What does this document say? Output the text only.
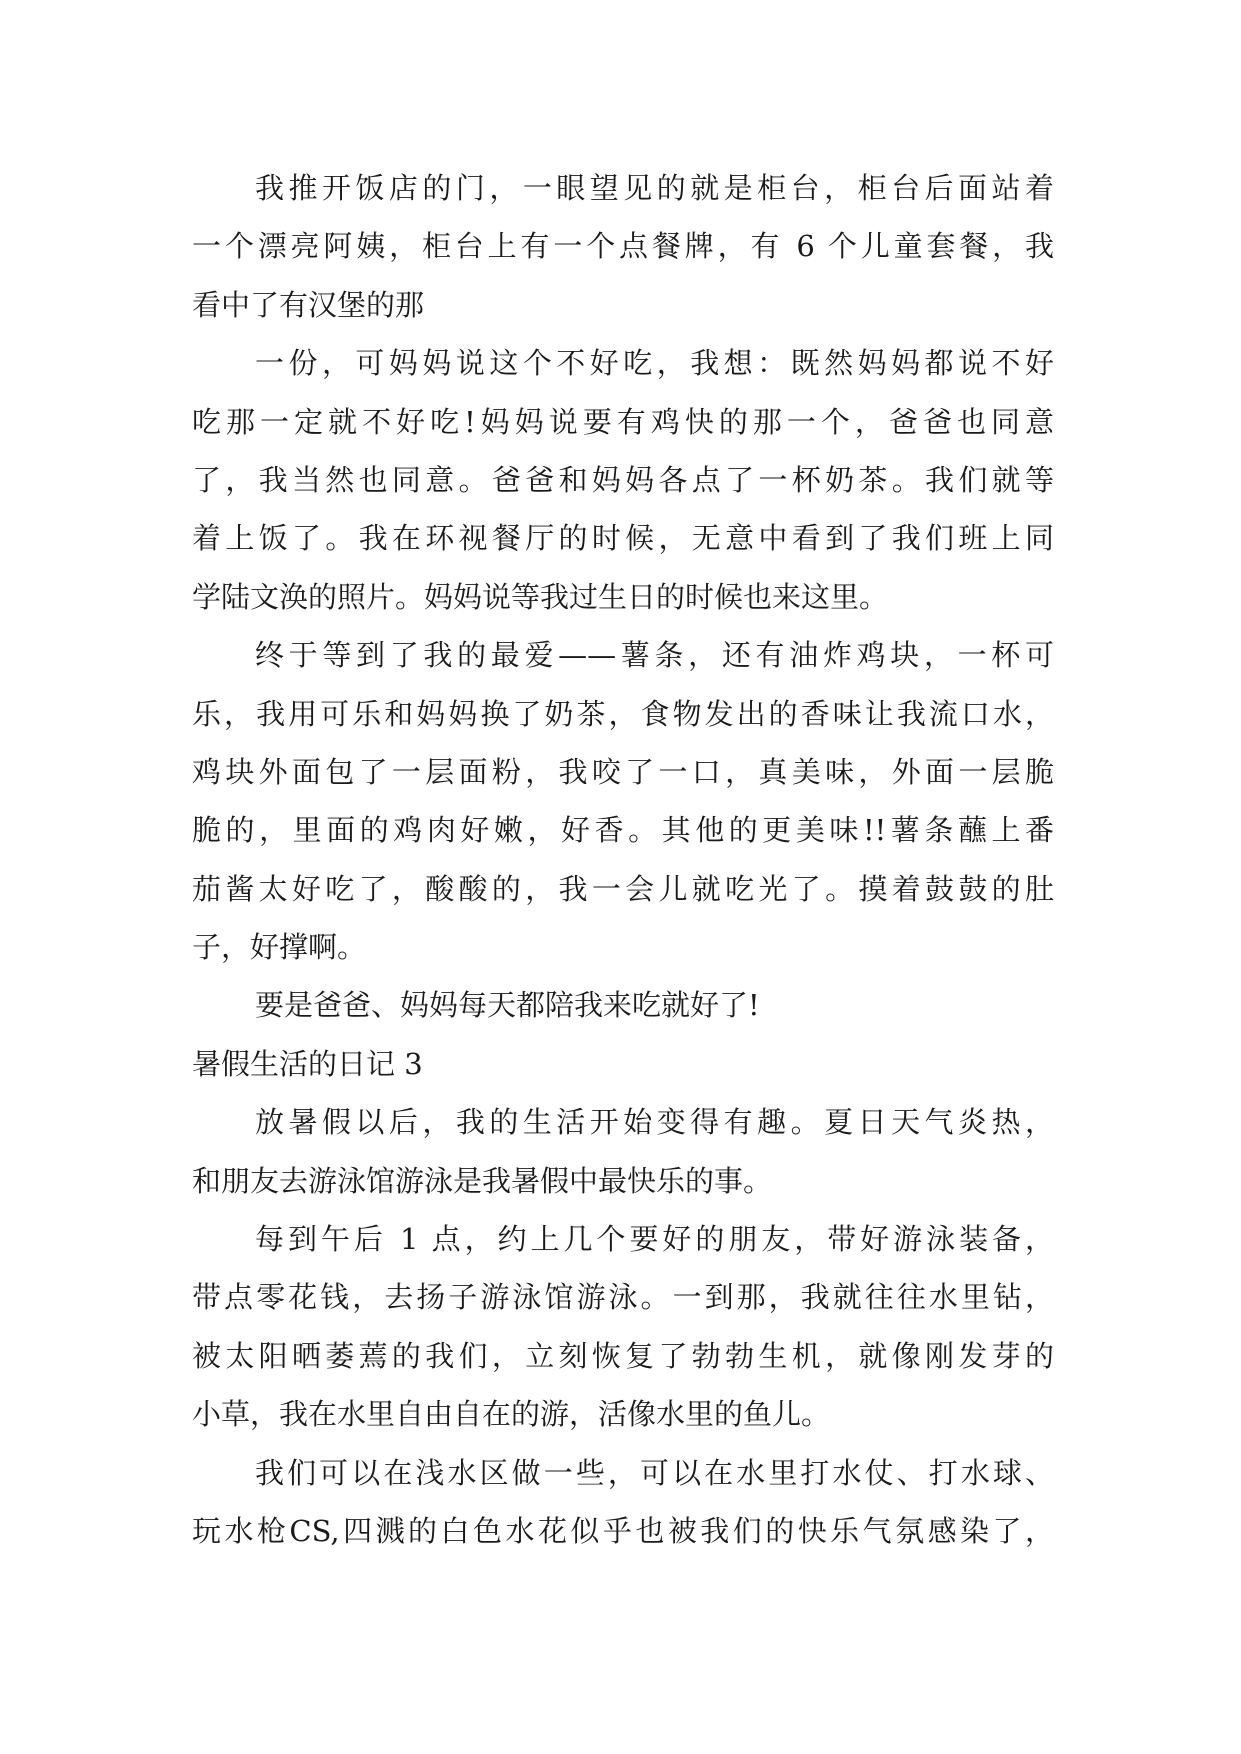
我推开饭店的门，一眼望见的就是柜台，柜台后面站着
一个漂亮阿姨，柜台上有一个点餐牌，有 6 个儿童套餐，我
看中了有汉堡的那
一份，可妈妈说这个不好吃，我想：既然妈妈都说不好
吃那一定就不好吃!妈妈说要有鸡快的那一个，爸爸也同意
了，我当然也同意。爸爸和妈妈各点了一杯奶茶。我们就等
着上饭了。我在环视餐厅的时候，无意中看到了我们班上同
学陆文涣的照片。妈妈说等我过生日的时候也来这里。
终于等到了我的最爱——薯条，还有油炸鸡块，一杯可
乐，我用可乐和妈妈换了奶茶，食物发出的香味让我流口水，
鸡块外面包了一层面粉，我咬了一口，真美味，外面一层脆
脆的，里面的鸡肉好嫩，好香。其他的更美味!!薯条蘸上番
茄酱太好吃了，酸酸的，我一会儿就吃光了。摸着鼓鼓的肚
子，好撑啊。
要是爸爸、妈妈每天都陪我来吃就好了!
暑假生活的日记 3
放暑假以后，我的生活开始变得有趣。夏日天气炎热，
和朋友去游泳馆游泳是我暑假中最快乐的事。
每到午后 1 点，约上几个要好的朋友，带好游泳装备，
带点零花钱，去扬子游泳馆游泳。一到那，我就往往水里钻，
被太阳晒萎蔫的我们，立刻恢复了勃勃生机，就像刚发芽的
小草，我在水里自由自在的游，活像水里的鱼儿。
我们可以在浅水区做一些，可以在水里打水仗、打水球、
玩水枪CS,四溅的白色水花似乎也被我们的快乐气氛感染了，
